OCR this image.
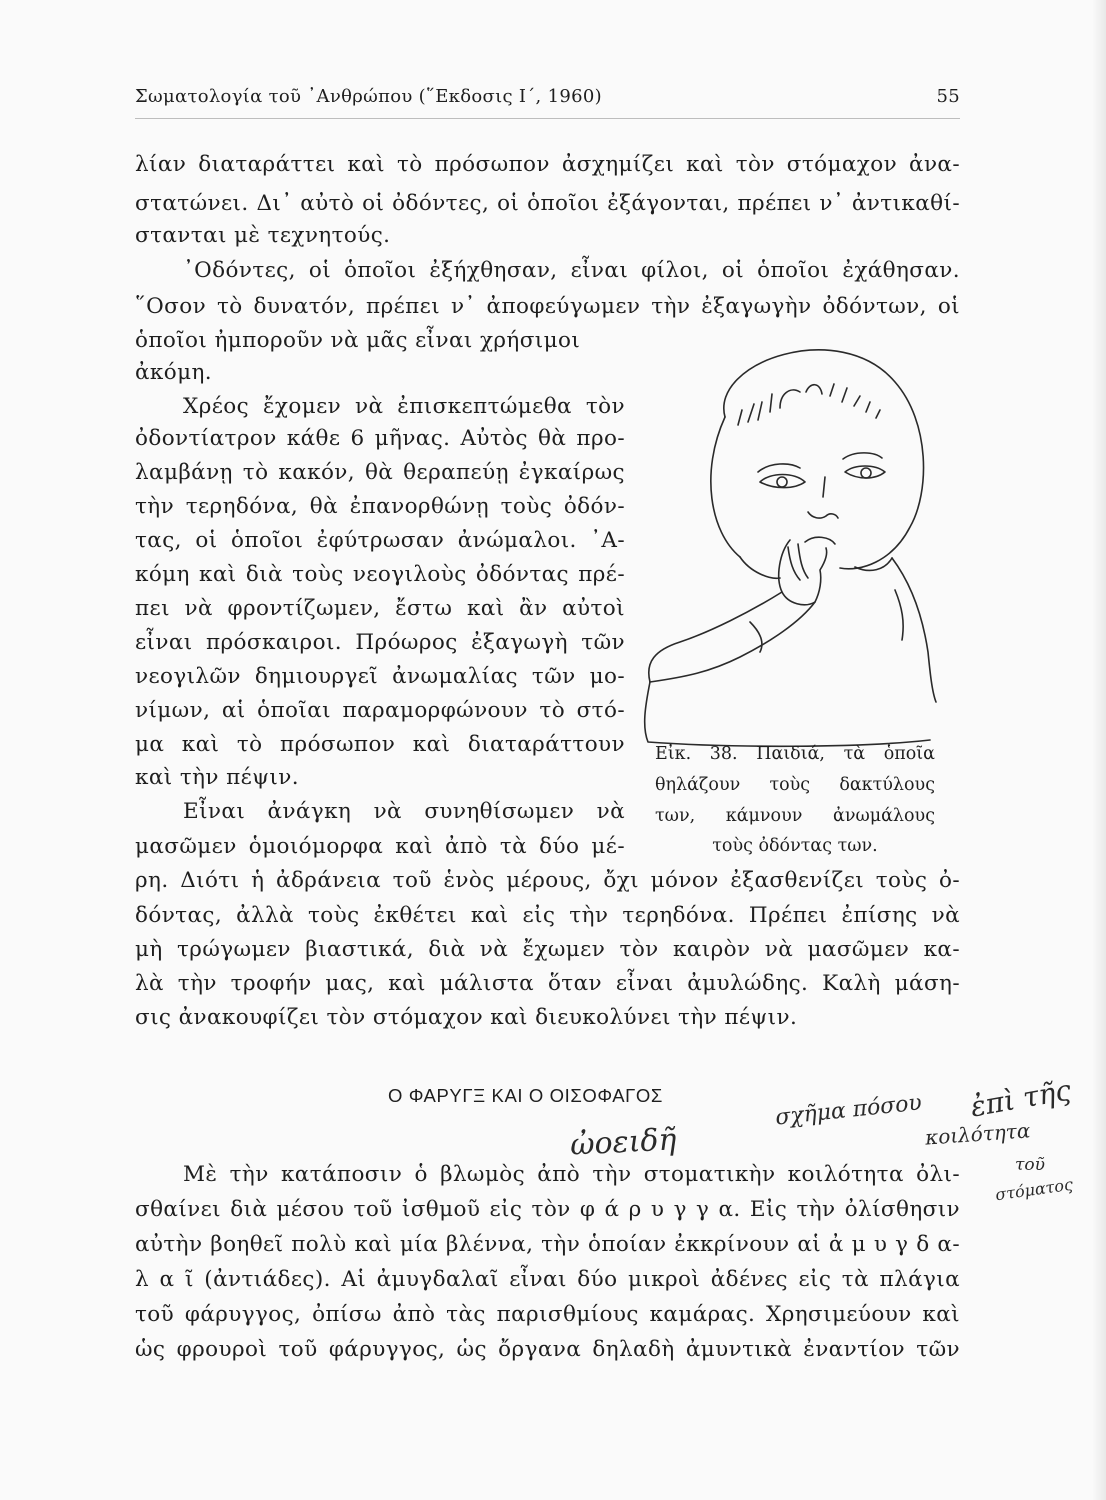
Σωματολογία τοῦ ᾿Ανθρώπου (῞Εκδοσις Ι΄, 1960)	55
λίαν διαταράττει καὶ τὸ πρόσωπον ἀσχημίζει καὶ τὸν στόμαχον ἀνα-
στατώνει. Δι᾿ αὐτὸ οἱ ὀδόντες, οἱ ὁποῖοι ἐξάγονται, πρέπει ν᾿ ἀντικαθί-
στανται μὲ τεχνητούς.
᾿Οδόντες, οἱ ὁποῖοι ἐξήχθησαν, εἶναι φίλοι, οἱ ὁποῖοι ἐχάθησαν.
῞Οσον τὸ δυνατόν, πρέπει ν᾿ ἀποφεύγωμεν τὴν ἐξαγωγὴν ὀδόντων, οἱ
ὁποῖοι ἠμποροῦν νὰ μᾶς εἶναι χρήσιμοι
ἀκόμη.
Χρέος ἔχομεν νὰ ἐπισκεπτώμεθα τὸν
ὀδοντίατρον κάθε 6 μῆνας. Αὐτὸς θὰ προ-
λαμβάνῃ τὸ κακόν, θὰ θεραπεύῃ ἐγκαίρως
τὴν τερηδόνα, θὰ ἐπανορθώνῃ τοὺς ὀδόν-
τας, οἱ ὁποῖοι ἐφύτρωσαν ἀνώμαλοι. ᾿Α-
κόμη καὶ διὰ τοὺς νεογιλοὺς ὀδόντας πρέ-
πει νὰ φροντίζωμεν, ἔστω καὶ ἂν αὐτοὶ
εἶναι πρόσκαιροι. Πρόωρος ἐξαγωγὴ τῶν
νεογιλῶν δημιουργεῖ ἀνωμαλίας τῶν μο-
νίμων, αἱ ὁποῖαι παραμορφώνουν τὸ στό-
μα καὶ τὸ πρόσωπον καὶ διαταράττουν
καὶ τὴν πέψιν.
Εἶναι ἀνάγκη νὰ συνηθίσωμεν νὰ
μασῶμεν ὁμοιόμορφα καὶ ἀπὸ τὰ δύο μέ-
ρη. Διότι ἡ ἀδράνεια τοῦ ἑνὸς μέρους, ὄχι μόνον ἐξασθενίζει τοὺς ὀ-
δόντας, ἀλλὰ τοὺς ἐκθέτει καὶ εἰς τὴν τερηδόνα. Πρέπει ἐπίσης νὰ
μὴ τρώγωμεν βιαστικά, διὰ νὰ ἔχωμεν τὸν καιρὸν νὰ μασῶμεν κα-
λὰ τὴν τροφήν μας, καὶ μάλιστα ὅταν εἶναι ἀμυλώδης. Καλὴ μάση-
σις ἀνακουφίζει τὸν στόμαχον καὶ διευκολύνει τὴν πέψιν.
Ο ΦΑΡΥΓΞ ΚΑΙ Ο ΟΙΣΟΦΑΓΟΣ
Μὲ τὴν κατάποσιν ὁ βλωμὸς ἀπὸ τὴν στοματικὴν κοιλότητα ὀλι-
σθαίνει διὰ μέσου τοῦ ἰσθμοῦ εἰς τὸν φ ά ρ υ γ γ α. Εἰς τὴν ὀλίσθησιν
αὐτὴν βοηθεῖ πολὺ καὶ μία βλέννα, τὴν ὁποίαν ἐκκρίνουν αἱ ἀ μ υ γ δ α-
λ α ῖ (ἀντιάδες). Αἱ ἀμυγδαλαῖ εἶναι δύο μικροὶ ἀδένες εἰς τὰ πλάγια
τοῦ φάρυγγος, ὀπίσω ἀπὸ τὰς παρισθμίους καμάρας. Χρησιμεύουν καὶ
ὡς φρουροὶ τοῦ φάρυγγος, ὡς ὄργανα δηλαδὴ ἀμυντικὰ ἐναντίον τῶν
Εἰκ. 38. Παιδιά, τὰ ὁποῖα
θηλάζουν τοὺς δακτύλους
των, κάμνουν ἀνωμάλους
τοὺς ὀδόντας των.
σχῆμα πόσου
ὠοειδῆ
ἐπὶ τῆς
κοιλότητα
τοῦ
στόματος
